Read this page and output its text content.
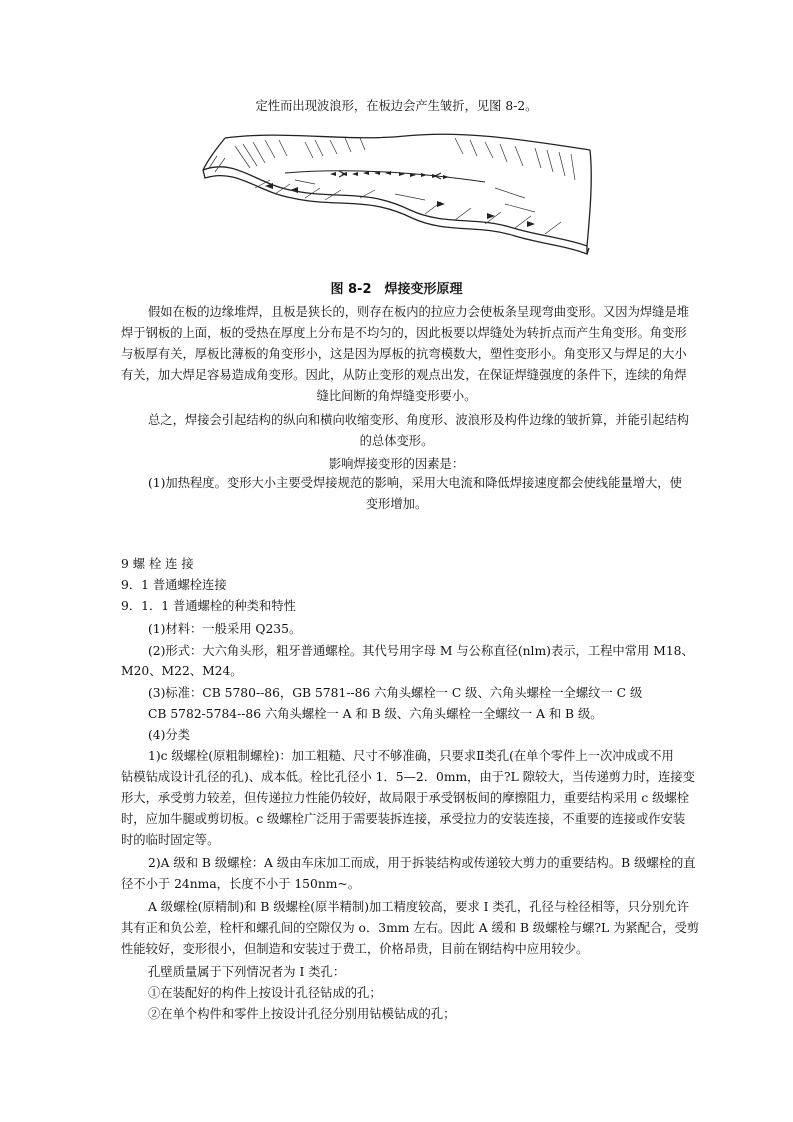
定性而出现波浪形，在板边会产生皱折，见图 8-2。
图 8-2　焊接变形原理
假如在板的边缘堆焊，且板是狭长的，则存在板内的拉应力会使板条呈现弯曲变形。又因为焊缝是堆
焊于钢板的上面，板的受热在厚度上分布是不均匀的，因此板要以焊缝处为转折点而产生角变形。角变形
与板厚有关，厚板比薄板的角变形小，这是因为厚板的抗弯模数大，塑性变形小。角变形又与焊足的大小
有关，加大焊足容易造成角变形。因此，从防止变形的观点出发，在保证焊缝强度的条件下，连续的角焊
缝比间断的角焊缝变形要小。
总之，焊接会引起结构的纵向和横向收缩变形、角度形、波浪形及构件边缘的皱折算，并能引起结构
的总体变形。
影响焊接变形的因素是：
(1)加热程度。变形大小主要受焊接规范的影响，采用大电流和降低焊接速度都会使线能量增大，使
变形增加。
9 螺 栓 连 接
9．1 普通螺栓连接
9．1．1 普通螺栓的种类和特性
(1)材料：一般采用 Q235。
(2)形式：大六角头形，粗牙普通螺栓。其代号用字母 M 与公称直径(nlm)表示，工程中常用 M18、
M20、M22、M24。
(3)标准：CB 5780--86，GB 5781--86 六角头螺栓一 C 级、六角头螺栓一全螺纹一 C 级
CB 5782-5784--86 六角头螺栓一 A 和 B 级、六角头螺栓一全螺纹一 A 和 B 级。
(4)分类
1)c 级螺栓(原粗制螺栓)：加工粗糙、尺寸不够准确，只要求Ⅱ类孔(在单个零件上一次冲成或不用
钻模钻成设计孔径的孔)、成本低。栓比孔径小 1．5—2．0mm，由于?L 隙较大，当传递剪力时，连接变
形大，承受剪力较差，但传递拉力性能仍较好，故局限于承受钢板间的摩擦阻力，重要结构采用 c 级螺栓
时，应加牛腿或剪切板。c 级螺栓广泛用于需要装拆连接，承受拉力的安装连接，不重要的连接或作安装
时的临时固定等。
2)A 级和 B 级螺栓：A 级由车床加工而成，用于拆装结构或传递较大剪力的重要结构。B 级螺栓的直
径不小于 24nma，长度不小于 150nm~。
A 级螺栓(原精制)和 B 级螺栓(原半精制)加工精度较高，要求 I 类孔，孔径与栓径相等，只分别允许
其有正和负公差，栓杆和螺孔间的空隙仅为 o．3mm 左右。因此 A 缓和 B 级螺栓与螺?L 为紧配合，受剪
性能较好，变形很小，但制造和安装过于费工，价格昂贵，目前在钢结构中应用较少。
孔壁质量属于下列情况者为 I 类孔：
①在装配好的构件上按设计孔径钻成的孔；
②在单个构件和零件上按设计孔径分别用钻模钻成的孔；
